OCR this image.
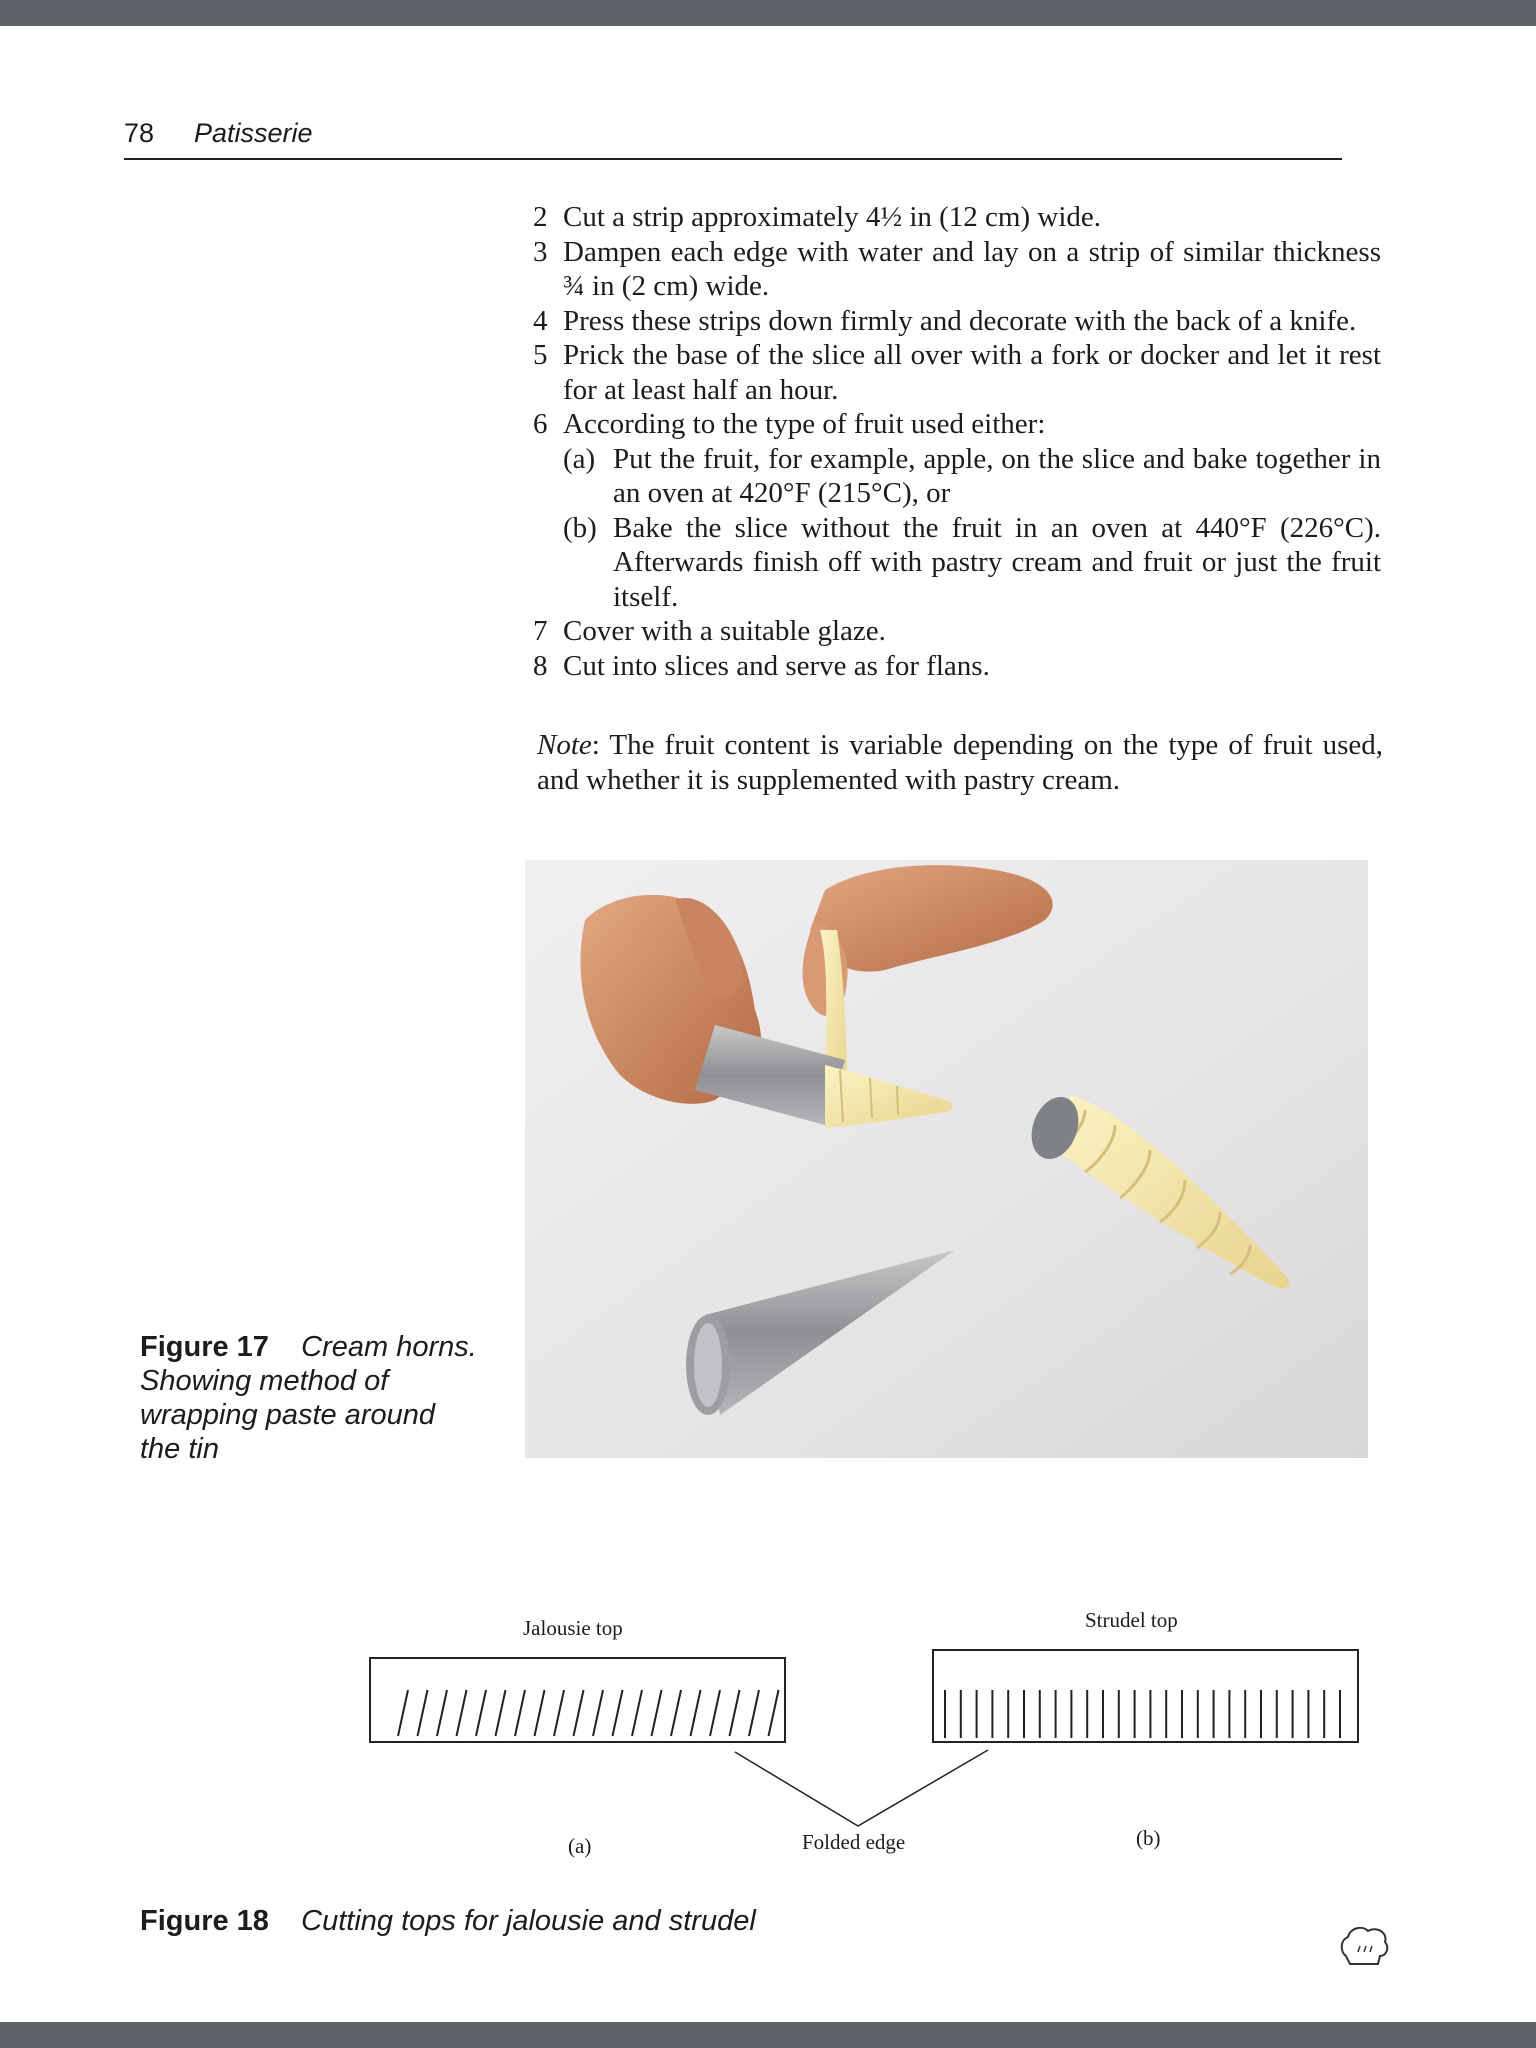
78 Patisserie
2 Cut a strip approximately 4½ in (12 cm) wide.
3 Dampen each edge with water and lay on a strip of similar thickness ¾ in (2 cm) wide.
4 Press these strips down firmly and decorate with the back of a knife.
5 Prick the base of the slice all over with a fork or docker and let it rest for at least half an hour.
6 According to the type of fruit used either:
(a) Put the fruit, for example, apple, on the slice and bake together in an oven at 420°F (215°C), or
(b) Bake the slice without the fruit in an oven at 440°F (226°C). Afterwards finish off with pastry cream and fruit or just the fruit itself.
7 Cover with a suitable glaze.
8 Cut into slices and serve as for flans.
Note: The fruit content is variable depending on the type of fruit used, and whether it is supplemented with pastry cream.
Figure 17 Cream horns. Showing method of wrapping paste around the tin
Jalousie top	Strudel top
(a)	Folded edge	(b)
Figure 18 Cutting tops for jalousie and strudel
